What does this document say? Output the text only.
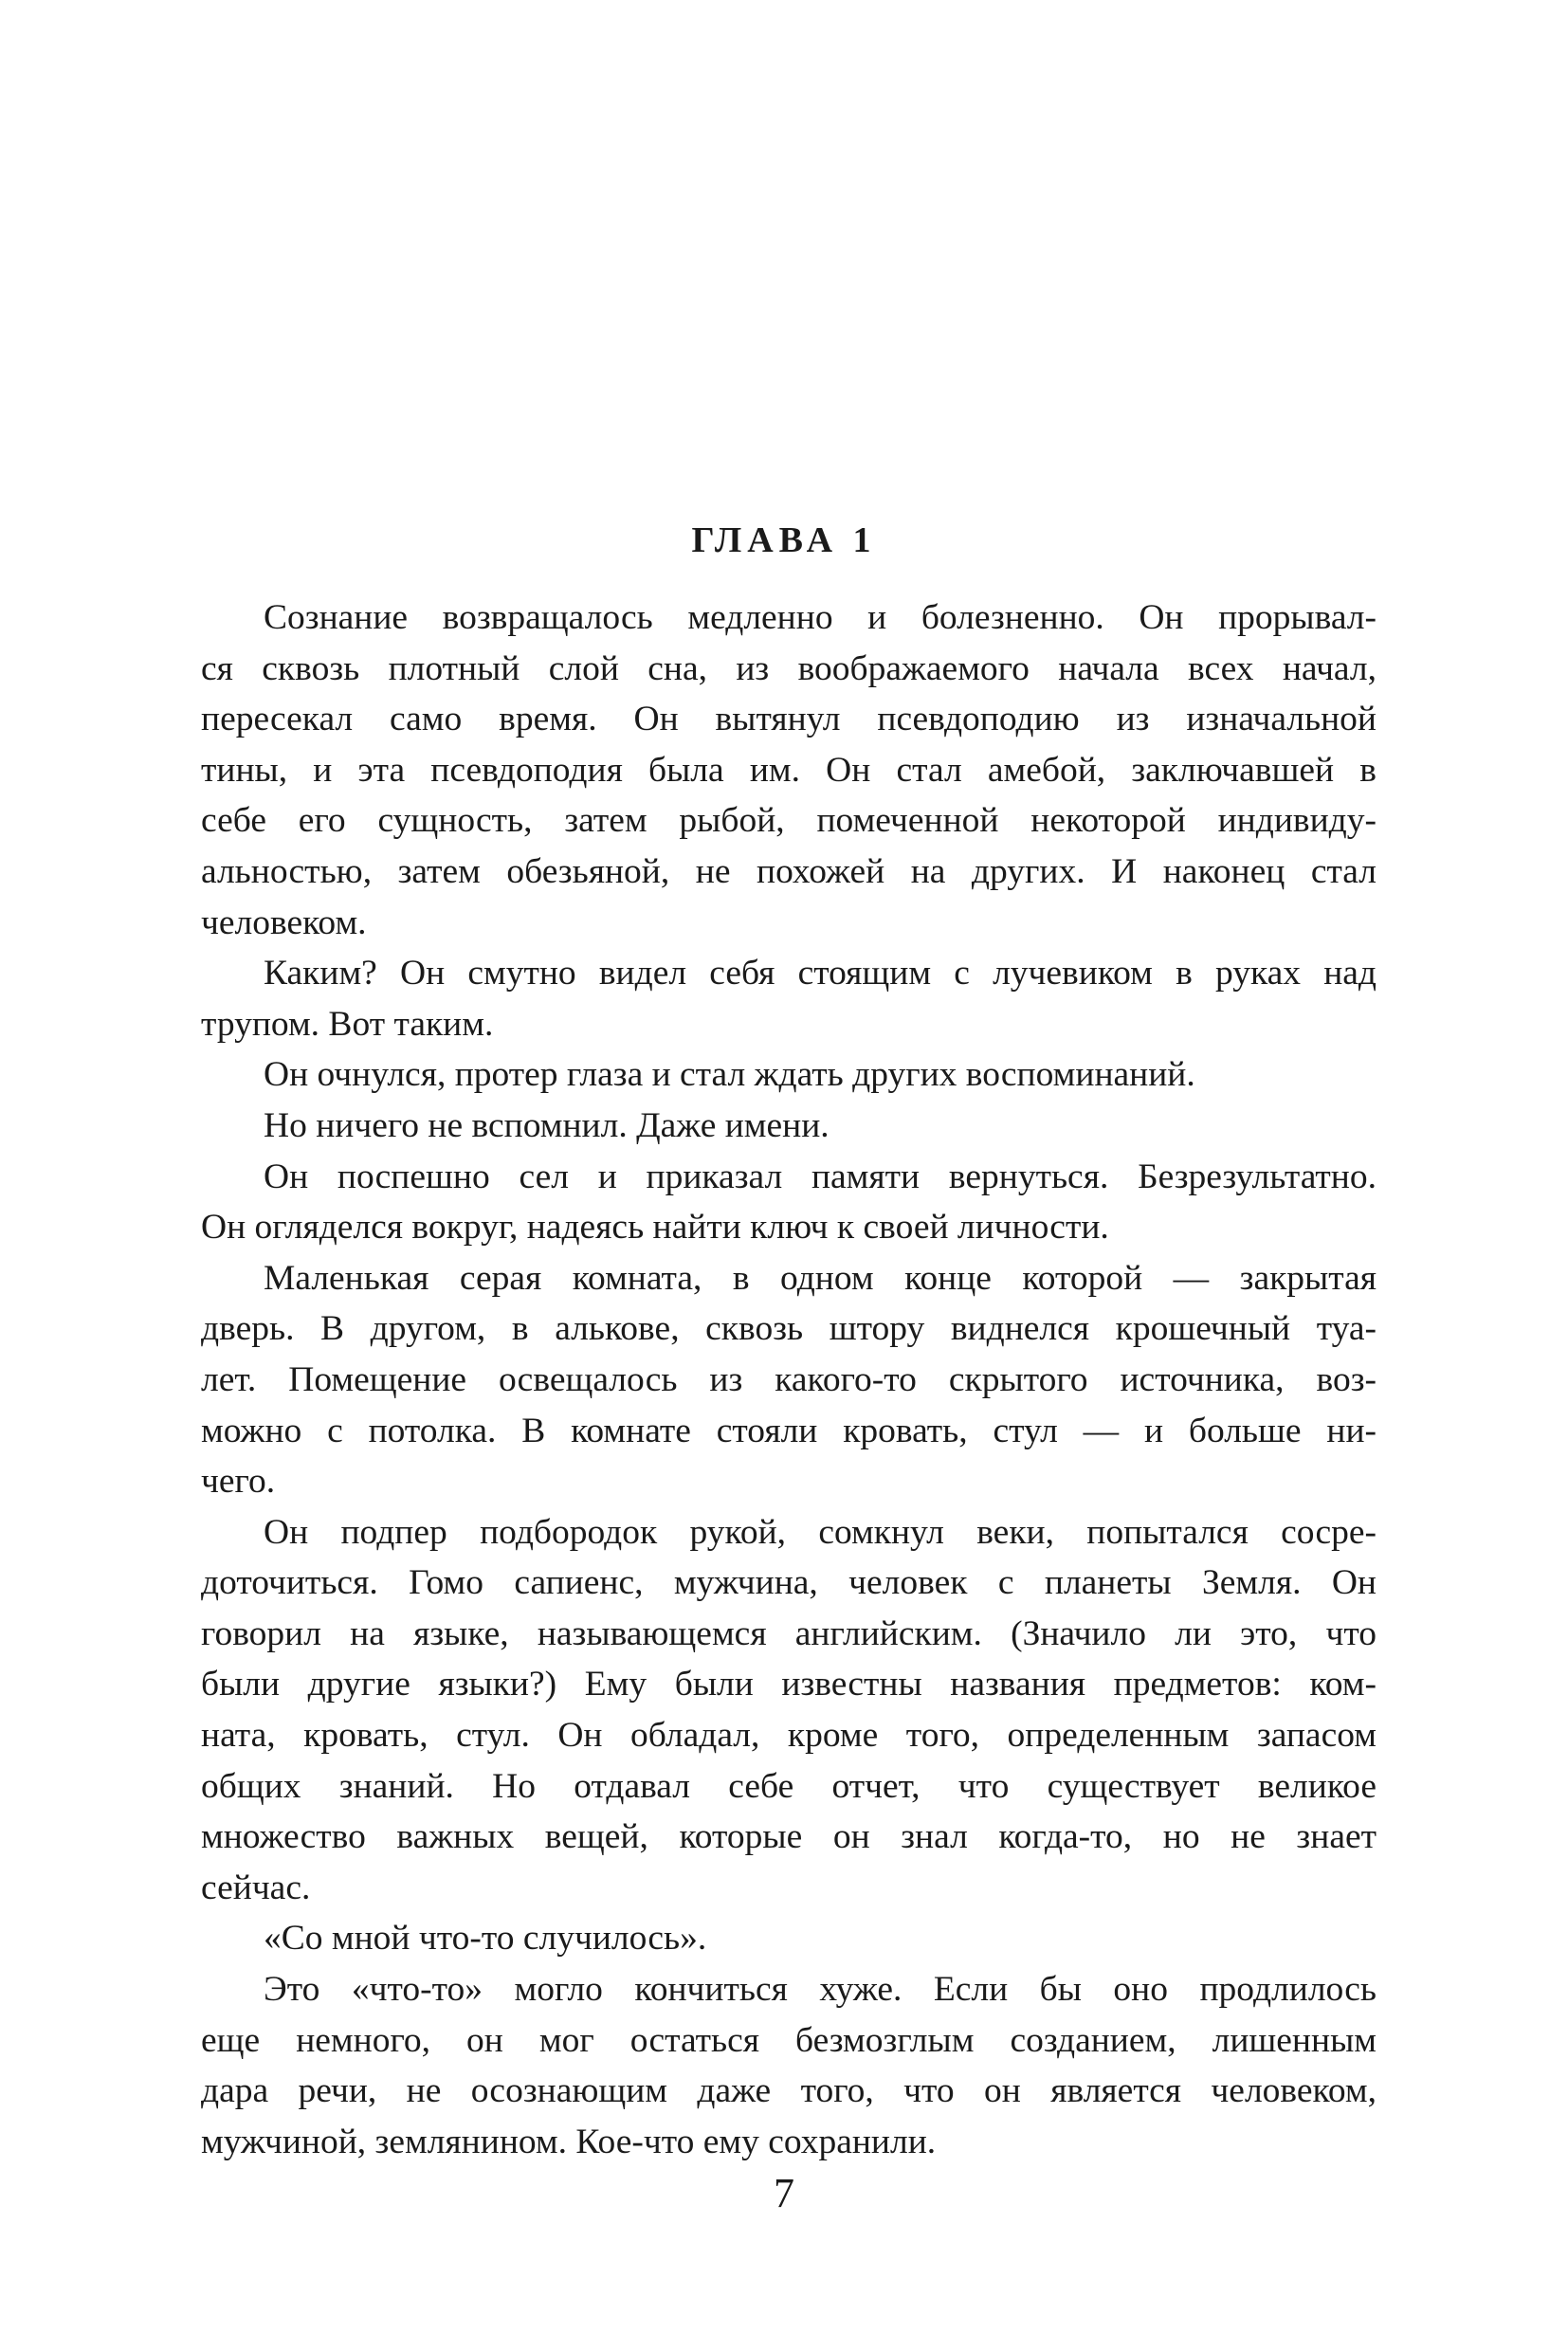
ГЛАВА 1

Сознание возвращалось медленно и болезненно. Он прорывал-
ся сквозь плотный слой сна, из воображаемого начала всех начал,
пересекал само время. Он вытянул псевдоподию из изначальной
тины, и эта псевдоподия была им. Он стал амебой, заключавшей в
себе его сущность, затем рыбой, помеченной некоторой индивиду-
альностью, затем обезьяной, не похожей на других. И наконец стал
человеком.

Каким? Он смутно видел себя стоящим с лучевиком в руках над
трупом. Вот таким.

Он очнулся, протер глаза и стал ждать других воспоминаний.

Но ничего не вспомнил. Даже имени.

Он поспешно сел и приказал памяти вернуться. Безрезультатно.
Он огляделся вокруг, надеясь найти ключ к своей личности.

Маленькая серая комната, в одном конце которой — закрытая
дверь. В другом, в алькове, сквозь штору виднелся крошечный туа-
лет. Помещение освещалось из какого-то скрытого источника, воз-
можно с потолка. В комнате стояли кровать, стул — и больше ни-
чего.

Он подпер подбородок рукой, сомкнул веки, попытался сосре-
доточиться. Гомо сапиенс, мужчина, человек с планеты Земля. Он
говорил на языке, называющемся английским. (Значило ли это, что
были другие языки?) Ему были известны названия предметов: ком-
ната, кровать, стул. Он обладал, кроме того, определенным запасом
общих знаний. Но отдавал себе отчет, что существует великое
множество важных вещей, которые он знал когда-то, но не знает
сейчас.

«Со мной что-то случилось».

Это «что-то» могло кончиться хуже. Если бы оно продлилось
еще немного, он мог остаться безмозглым созданием, лишенным
дара речи, не осознающим даже того, что он является человеком,
мужчиной, землянином. Кое-что ему сохранили.

7
